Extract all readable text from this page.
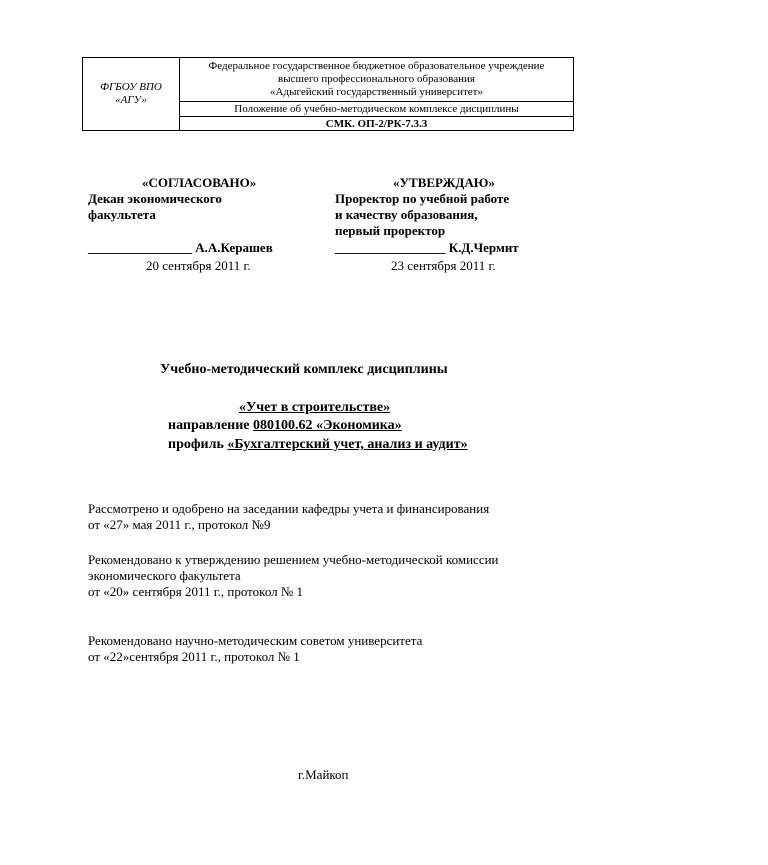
ФГБОУ ВПО
«АГУ»
Федеральное государственное бюджетное образовательное учреждение
высшего профессионального образования
«Адыгейский государственный университет»
Положение об учебно-методическом комплексе дисциплины
СМК. ОП-2/РК-7.3.3
«СОГЛАСОВАНО»
Декан экономического
факультета
________________ А.А.Керашев
20 сентября 2011 г.
«УТВЕРЖДАЮ»
Проректор по учебной работе
и качеству образования,
первый проректор
_________________ К.Д.Чермит
23 сентября 2011 г.
Учебно-методический комплекс дисциплины
«Учет в строительстве»
направление 080100.62 «Экономика»
профиль «Бухгалтерский учет, анализ и аудит»
Рассмотрено и одобрено на заседании кафедры учета и финансирования
от «27» мая 2011 г., протокол №9
Рекомендовано к утверждению решением учебно-методической комиссии
экономического факультета
от «20» сентября 2011 г., протокол № 1
Рекомендовано научно-методическим советом университета
от «22»сентября 2011 г., протокол № 1
г.Майкоп
